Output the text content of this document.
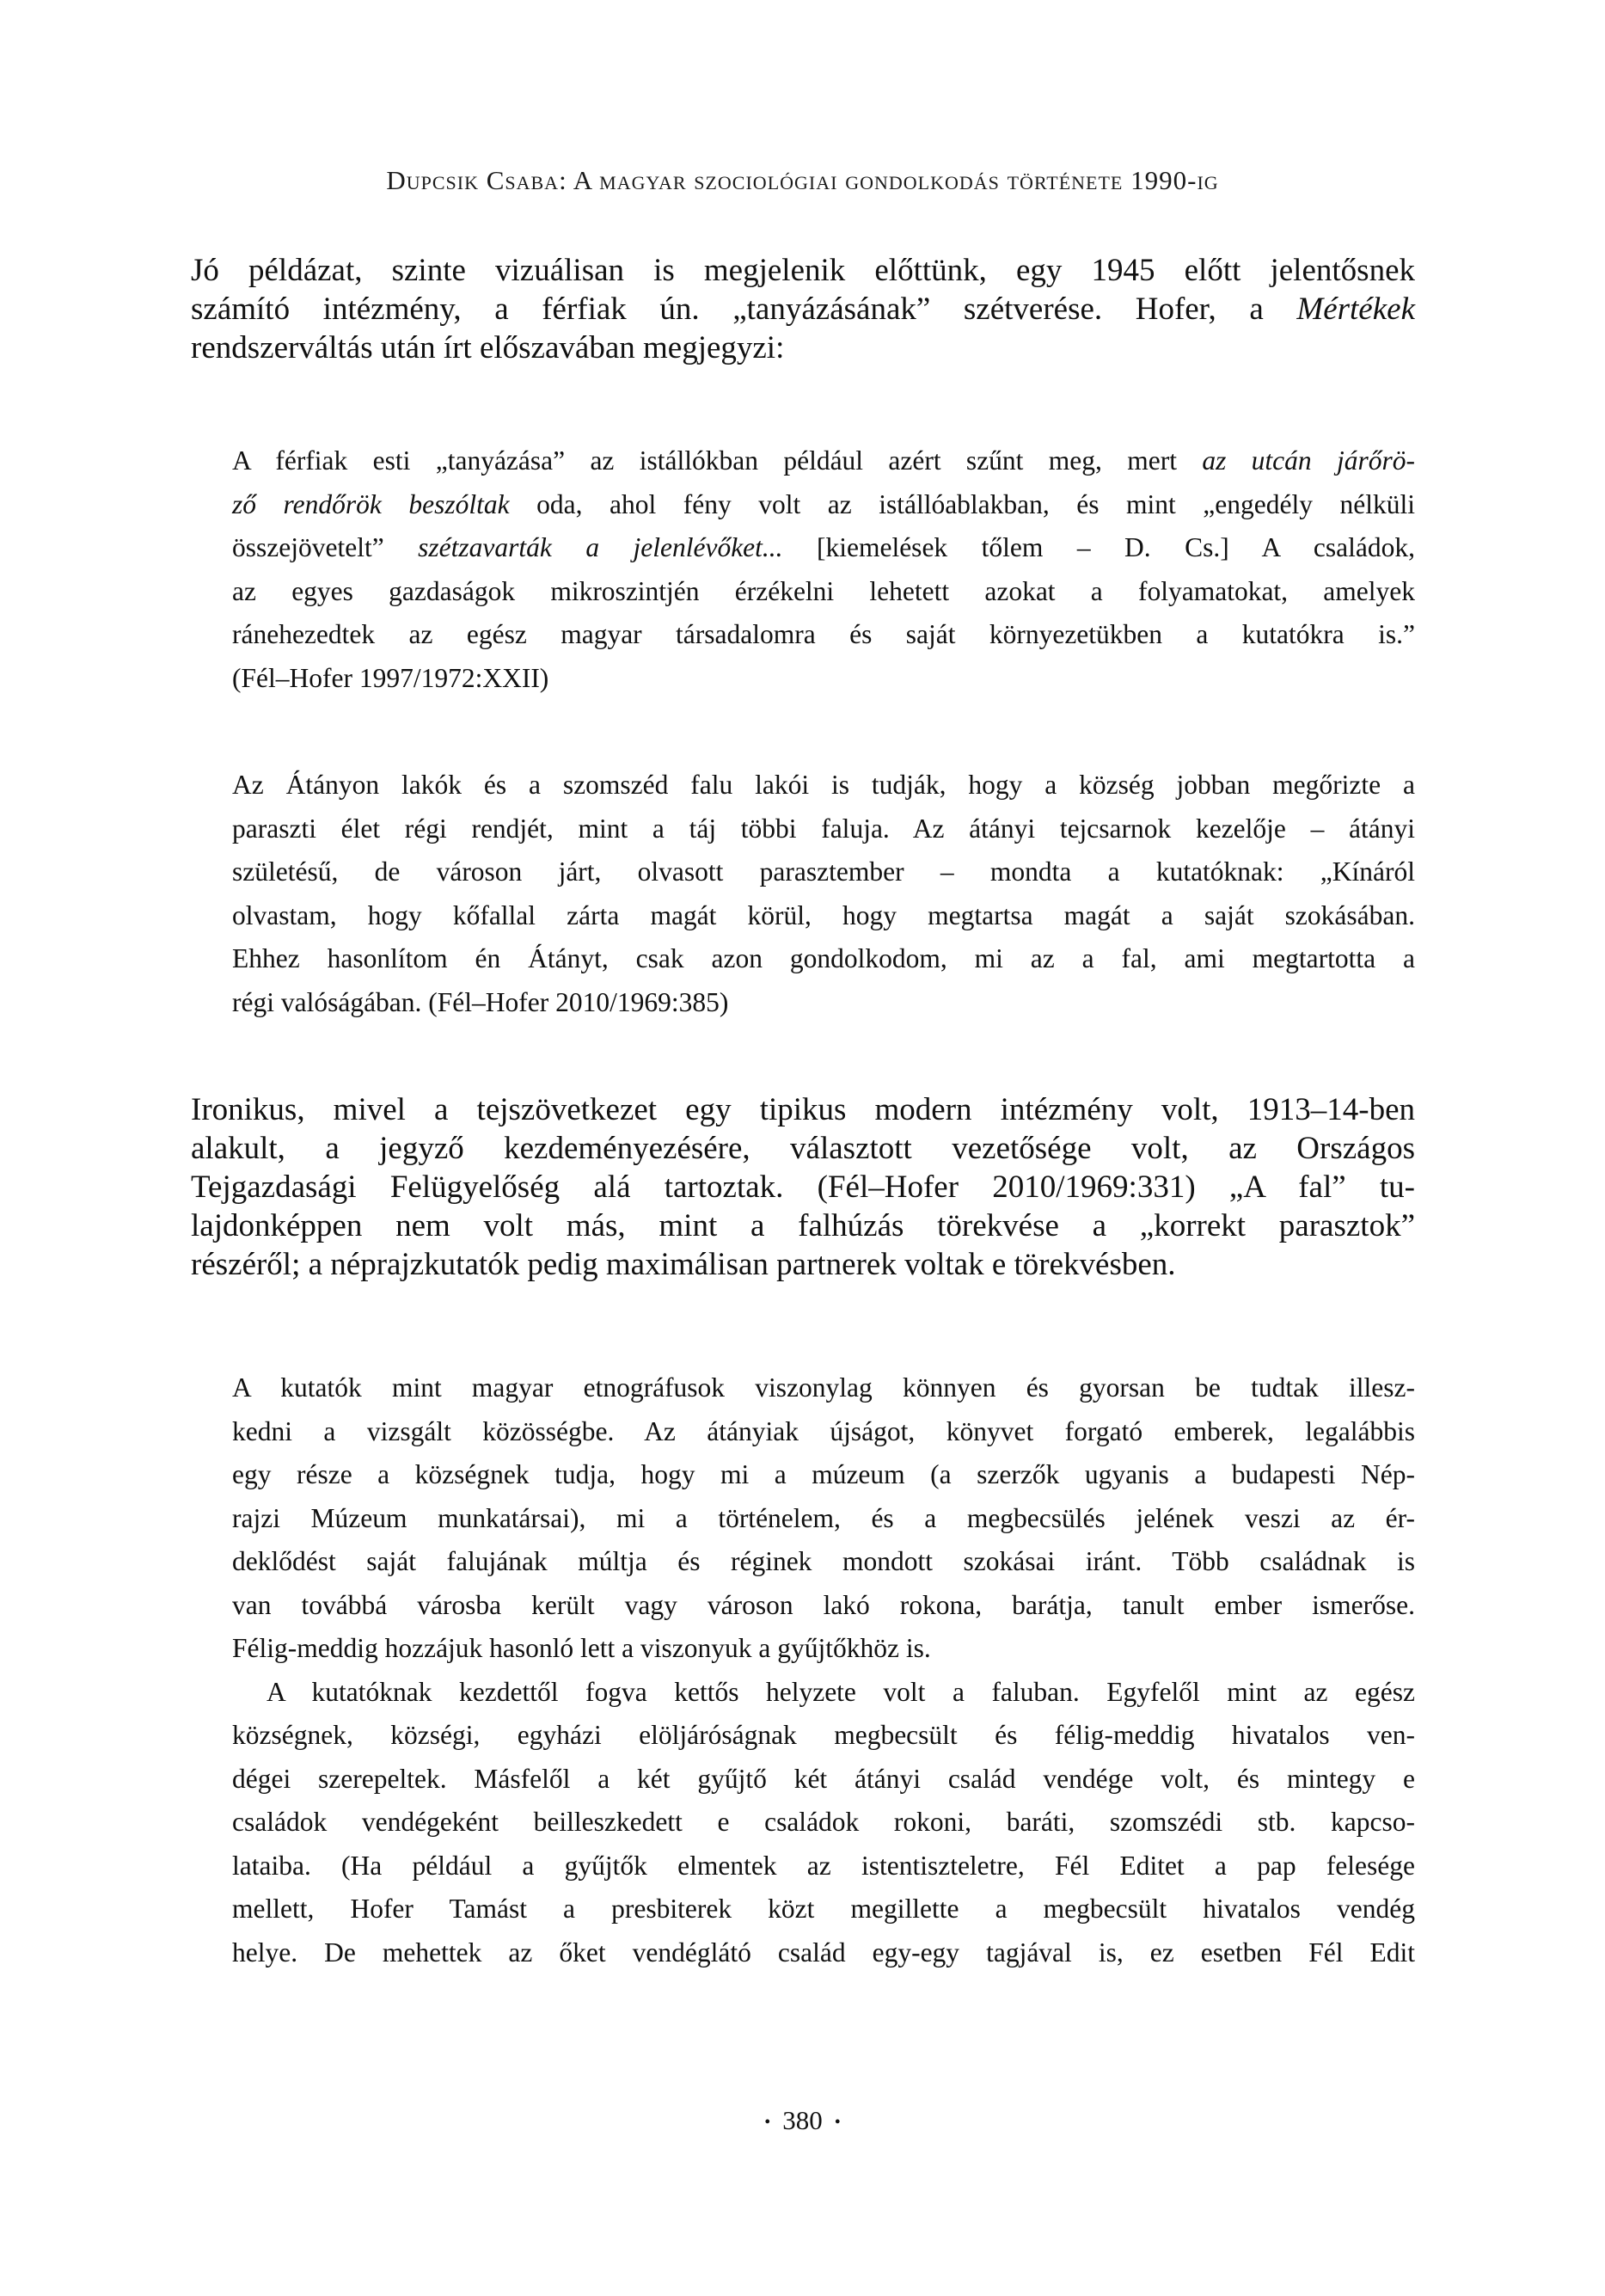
Dupcsik Csaba: A magyar szociológiai gondolkodás története 1990-ig
Jó példázat, szinte vizuálisan is megjelenik előttünk, egy 1945 előtt jelentősnek
számító intézmény, a férfiak ún. „tanyázásának” szétverése. Hofer, a Mértékek
rendszerváltás után írt előszavában megjegyzi:
A férfiak esti „tanyázása” az istállókban például azért szűnt meg, mert az utcán járőrö-
ző rendőrök beszóltak oda, ahol fény volt az istállóablakban, és mint „engedély nélküli
összejövetelt” szétzavarták a jelenlévőket... [kiemelések tőlem – D. Cs.] A családok,
az egyes gazdaságok mikroszintjén érzékelni lehetett azokat a folyamatokat, amelyek
ránehezedtek az egész magyar társadalomra és saját környezetükben a kutatókra is.”
(Fél–Hofer 1997/1972:XXII)
Az Átányon lakók és a szomszéd falu lakói is tudják, hogy a község jobban megőrizte a
paraszti élet régi rendjét, mint a táj többi faluja. Az átányi tejcsarnok kezelője – átányi
születésű, de városon járt, olvasott parasztember – mondta a kutatóknak: „Kínáról
olvastam, hogy kőfallal zárta magát körül, hogy megtartsa magát a saját szokásában.
Ehhez hasonlítom én Átányt, csak azon gondolkodom, mi az a fal, ami megtartotta a
régi valóságában. (Fél–Hofer 2010/1969:385)
Ironikus, mivel a tejszövetkezet egy tipikus modern intézmény volt, 1913–14-ben
alakult, a jegyző kezdeményezésére, választott vezetősége volt, az Országos
Tejgazdasági Felügyelőség alá tartoztak. (Fél–Hofer 2010/1969:331) „A fal” tu-
lajdonképpen nem volt más, mint a falhúzás törekvése a „korrekt parasztok”
részéről; a néprajzkutatók pedig maximálisan partnerek voltak e törekvésben.

A kutatók mint magyar etnográfusok viszonylag könnyen és gyorsan be tudtak illesz-
kedni a vizsgált közösségbe. Az átányiak újságot, könyvet forgató emberek, legalábbis
egy része a községnek tudja, hogy mi a múzeum (a szerzők ugyanis a budapesti Nép-
rajzi Múzeum munkatársai), mi a történelem, és a megbecsülés jelének veszi az ér-
deklődést saját falujának múltja és réginek mondott szokásai iránt. Több családnak is
van továbbá városba került vagy városon lakó rokona, barátja, tanult ember ismerőse.
Félig-meddig hozzájuk hasonló lett a viszonyuk a gyűjtőkhöz is.

A kutatóknak kezdettől fogva kettős helyzete volt a faluban. Egyfelől mint az egész
községnek, községi, egyházi elöljáróságnak megbecsült és félig-meddig hivatalos ven-
dégei szerepeltek. Másfelől a két gyűjtő két átányi család vendége volt, és mintegy e
családok vendégeként beilleszkedett e családok rokoni, baráti, szomszédi stb. kapcso-
lataiba. (Ha például a gyűjtők elmentek az istentiszteletre, Fél Editet a pap felesége
mellett, Hofer Tamást a presbiterek közt megillette a megbecsült hivatalos vendég
helye. De mehettek az őket vendéglátó család egy-egy tagjával is, ez esetben Fél Edit

• 380 •
